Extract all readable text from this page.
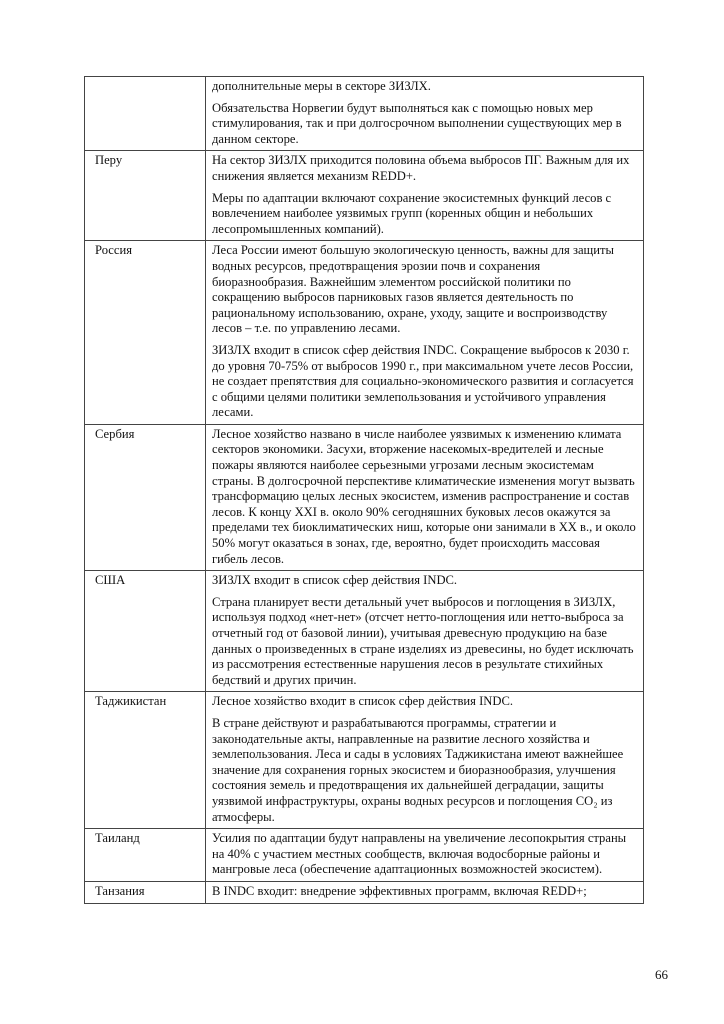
	дополнительные меры в секторе ЗИЗЛХ.

Обязательства Норвегии будут выполняться как с помощью новых мер стимулирования, так и при долгосрочном выполнении существующих мер в данном секторе.

Перу	На сектор ЗИЗЛХ приходится половина объема выбросов ПГ. Важным для их снижения является механизм REDD+.

Меры по адаптации включают сохранение экосистемных функций лесов с вовлечением наиболее уязвимых групп (коренных общин и небольших лесопромышленных компаний).

Россия	Леса России имеют большую экологическую ценность, важны для защиты водных ресурсов, предотвращения эрозии почв и сохранения биоразнообразия. Важнейшим элементом российской политики по сокращению выбросов парниковых газов является деятельность по рациональному использованию, охране, уходу, защите и воспроизводству лесов – т.е. по управлению лесами.

ЗИЗЛХ входит в список сфер действия INDC. Сокращение выбросов к 2030 г. до уровня 70-75% от выбросов 1990 г., при максимальном учете лесов России, не создает препятствия для социально-экономического развития и согласуется с общими целями политики землепользования и устойчивого управления лесами.

Сербия	Лесное хозяйство названо в числе наиболее уязвимых к изменению климата секторов экономики. Засухи, вторжение насекомых-вредителей и лесные пожары являются наиболее серьезными угрозами лесным экосистемам страны. В долгосрочной перспективе климатические изменения могут вызвать трансформацию целых лесных экосистем, изменив распространение и состав лесов. К концу XXI в. около 90% сегодняшних буковых лесов окажутся за пределами тех биоклиматических ниш, которые они занимали в XX в., и около 50% могут оказаться в зонах, где, вероятно, будет происходить массовая гибель лесов.

США	ЗИЗЛХ входит в список сфер действия INDC.

Страна планирует вести детальный учет выбросов и поглощения в ЗИЗЛХ, используя подход «нет-нет» (отсчет нетто-поглощения или нетто-выброса за отчетный год от базовой линии), учитывая древесную продукцию на базе данных о произведенных в стране изделиях из древесины, но будет исключать из рассмотрения естественные нарушения лесов в результате стихийных бедствий и других причин.

Таджикистан	Лесное хозяйство входит в список сфер действия INDC.

В стране действуют и разрабатываются программы, стратегии и законодательные акты, направленные на развитие лесного хозяйства и землепользования. Леса и сады в условиях Таджикистана имеют важнейшее значение для сохранения горных экосистем и биоразнообразия, улучшения состояния земель и предотвращения их дальнейшей деградации, защиты уязвимой инфраструктуры, охраны водных ресурсов и поглощения CO₂ из атмосферы.

Таиланд	Усилия по адаптации будут направлены на увеличение лесопокрытия страны на 40% с участием местных сообществ, включая водосборные районы и мангровые леса (обеспечение адаптационных возможностей экосистем).

Танзания	В INDC входит: внедрение эффективных программ, включая REDD+;

66
